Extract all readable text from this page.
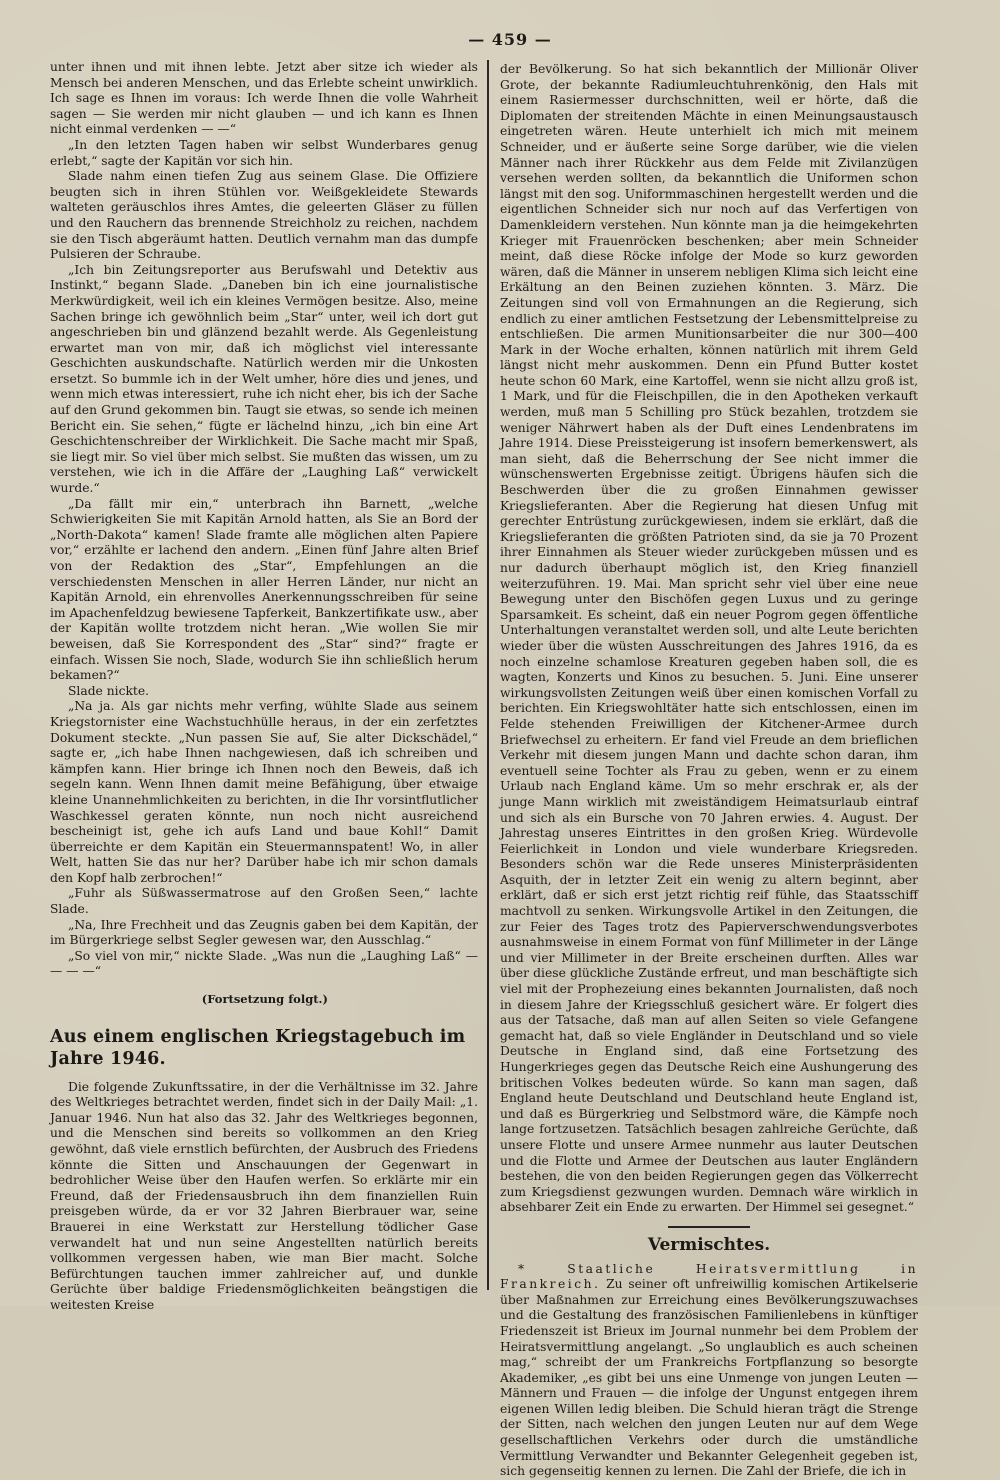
— 459 —

unter ihnen und mit ihnen lebte. Jetzt aber sitze ich wieder als Mensch bei anderen Menschen, und das Erlebte scheint unwirklich. Ich sage es Ihnen im voraus: Ich werde Ihnen die volle Wahrheit sagen — Sie werden mir nicht glauben — und ich kann es Ihnen nicht einmal verdenken — —“

„In den letzten Tagen haben wir selbst Wunderbares genug erlebt,“ sagte der Kapitän vor sich hin.

Slade nahm einen tiefen Zug aus seinem Glase. Die Offiziere beugten sich in ihren Stühlen vor. Weißgekleidete Stewards walteten geräuschlos ihres Amtes, die geleerten Gläser zu füllen und den Rauchern das brennende Streichholz zu reichen, nachdem sie den Tisch abgeräumt hatten. Deutlich vernahm man das dumpfe Pulsieren der Schraube.

„Ich bin Zeitungsreporter aus Berufswahl und Detektiv aus Instinkt,“ begann Slade. „Daneben bin ich eine journalistische Merkwürdigkeit, weil ich ein kleines Vermögen besitze. Also, meine Sachen bringe ich gewöhnlich beim „Star“ unter, weil ich dort gut angeschrieben bin und glänzend bezahlt werde. Als Gegenleistung erwartet man von mir, daß ich möglichst viel interessante Geschichten auskundschafte. Natürlich werden mir die Unkosten ersetzt. So bummle ich in der Welt umher, höre dies und jenes, und wenn mich etwas interessiert, ruhe ich nicht eher, bis ich der Sache auf den Grund gekommen bin. Taugt sie etwas, so sende ich meinen Bericht ein. Sie sehen,“ fügte er lächelnd hinzu, „ich bin eine Art Geschichtenschreiber der Wirklichkeit. Die Sache macht mir Spaß, sie liegt mir. So viel über mich selbst. Sie mußten das wissen, um zu verstehen, wie ich in die Affäre der „Laughing Laß“ verwickelt wurde.“

„Da fällt mir ein,“ unterbrach ihn Barnett, „welche Schwierigkeiten Sie mit Kapitän Arnold hatten, als Sie an Bord der „North-Dakota“ kamen! Slade framte alle möglichen alten Papiere vor,“ erzählte er lachend den andern. „Einen fünf Jahre alten Brief von der Redaktion des „Star“, Empfehlungen an die verschiedensten Menschen in aller Herren Länder, nur nicht an Kapitän Arnold, ein ehrenvolles Anerkennungsschreiben für seine im Apachenfeldzug bewiesene Tapferkeit, Bankzertifikate usw., aber der Kapitän wollte trotzdem nicht heran. „Wie wollen Sie mir beweisen, daß Sie Korrespondent des „Star“ sind?“ fragte er einfach. Wissen Sie noch, Slade, wodurch Sie ihn schließlich herum bekamen?“

Slade nickte.

„Na ja. Als gar nichts mehr verfing, wühlte Slade aus seinem Kriegstornister eine Wachstuchhülle heraus, in der ein zerfetztes Dokument steckte. „Nun passen Sie auf, Sie alter Dickschädel,“ sagte er, „ich habe Ihnen nachgewiesen, daß ich schreiben und kämpfen kann. Hier bringe ich Ihnen noch den Beweis, daß ich segeln kann. Wenn Ihnen damit meine Befähigung, über etwaige kleine Unannehmlichkeiten zu berichten, in die Ihr vorsintflutlicher Waschkessel geraten könnte, nun noch nicht ausreichend bescheinigt ist, gehe ich aufs Land und baue Kohl!“ Damit überreichte er dem Kapitän ein Steuermannspatent! Wo, in aller Welt, hatten Sie das nur her? Darüber habe ich mir schon damals den Kopf halb zerbrochen!“

„Fuhr als Süßwassermatrose auf den Großen Seen,“ lachte Slade.

„Na, Ihre Frechheit und das Zeugnis gaben bei dem Kapitän, der im Bürgerkriege selbst Segler gewesen war, den Ausschlag.“

„So viel von mir,“ nickte Slade. „Was nun die „Laughing Laß“ — — — —“

(Fortsetzung folgt.)
Aus einem englischen Kriegstagebuch im Jahre 1946.

Die folgende Zukunftssatire, in der die Verhältnisse im 32. Jahre des Weltkrieges betrachtet werden, findet sich in der Daily Mail: „1. Januar 1946. Nun hat also das 32. Jahr des Weltkrieges begonnen, und die Menschen sind bereits so vollkommen an den Krieg gewöhnt, daß viele ernstlich befürchten, der Ausbruch des Friedens könnte die Sitten und Anschauungen der Gegenwart in bedrohlicher Weise über den Haufen werfen. So erklärte mir ein Freund, daß der Friedensausbruch ihn dem finanziellen Ruin preisgeben würde, da er vor 32 Jahren Bierbrauer war, seine Brauerei in eine Werkstatt zur Herstellung tödlicher Gase verwandelt hat und nun seine Angestellten natürlich bereits vollkommen vergessen haben, wie man Bier macht. Solche Befürchtungen tauchen immer zahlreicher auf, und dunkle Gerüchte über baldige Friedensmöglichkeiten beängstigen die weitesten Kreise

der Bevölkerung. So hat sich bekanntlich der Millionär Oliver Grote, der bekannte Radiumleuchtuhrenkönig, den Hals mit einem Rasiermesser durchschnitten, weil er hörte, daß die Diplomaten der streitenden Mächte in einen Meinungsaustausch eingetreten wären. Heute unterhielt ich mich mit meinem Schneider, und er äußerte seine Sorge darüber, wie die vielen Männer nach ihrer Rückkehr aus dem Felde mit Zivilanzügen versehen werden sollten, da bekanntlich die Uniformen schon längst mit den sog. Uniformmaschinen hergestellt werden und die eigentlichen Schneider sich nur noch auf das Verfertigen von Damenkleidern verstehen. Nun könnte man ja die heimgekehrten Krieger mit Frauenröcken beschenken; aber mein Schneider meint, daß diese Röcke infolge der Mode so kurz geworden wären, daß die Männer in unserem nebligen Klima sich leicht eine Erkältung an den Beinen zuziehen könnten. 3. März. Die Zeitungen sind voll von Ermahnungen an die Regierung, sich endlich zu einer amtlichen Festsetzung der Lebensmittelpreise zu entschließen. Die armen Munitionsarbeiter die nur 300—400 Mark in der Woche erhalten, können natürlich mit ihrem Geld längst nicht mehr auskommen. Denn ein Pfund Butter kostet heute schon 60 Mark, eine Kartoffel, wenn sie nicht allzu groß ist, 1 Mark, und für die Fleischpillen, die in den Apotheken verkauft werden, muß man 5 Schilling pro Stück bezahlen, trotzdem sie weniger Nährwert haben als der Duft eines Lendenbratens im Jahre 1914. Diese Preissteigerung ist insofern bemerkenswert, als man sieht, daß die Beherrschung der See nicht immer die wünschenswerten Ergebnisse zeitigt. Übrigens häufen sich die Beschwerden über die zu großen Einnahmen gewisser Kriegslieferanten. Aber die Regierung hat diesen Unfug mit gerechter Entrüstung zurückgewiesen, indem sie erklärt, daß die Kriegslieferanten die größten Patrioten sind, da sie ja 70 Prozent ihrer Einnahmen als Steuer wieder zurückgeben müssen und es nur dadurch überhaupt möglich ist, den Krieg finanziell weiterzuführen. 19. Mai. Man spricht sehr viel über eine neue Bewegung unter den Bischöfen gegen Luxus und zu geringe Sparsamkeit. Es scheint, daß ein neuer Pogrom gegen öffentliche Unterhaltungen veranstaltet werden soll, und alte Leute berichten wieder über die wüsten Ausschreitungen des Jahres 1916, da es noch einzelne schamlose Kreaturen gegeben haben soll, die es wagten, Konzerts und Kinos zu besuchen. 5. Juni. Eine unserer wirkungsvollsten Zeitungen weiß über einen komischen Vorfall zu berichten. Ein Kriegswohltäter hatte sich entschlossen, einen im Felde stehenden Freiwilligen der Kitchener-Armee durch Briefwechsel zu erheitern. Er fand viel Freude an dem brieflichen Verkehr mit diesem jungen Mann und dachte schon daran, ihm eventuell seine Tochter als Frau zu geben, wenn er zu einem Urlaub nach England käme. Um so mehr erschrak er, als der junge Mann wirklich mit zweiständigem Heimatsurlaub eintraf und sich als ein Bursche von 70 Jahren erwies. 4. August. Der Jahrestag unseres Eintrittes in den großen Krieg. Würdevolle Feierlichkeit in London und viele wunderbare Kriegsreden. Besonders schön war die Rede unseres Ministerpräsidenten Asquith, der in letzter Zeit ein wenig zu altern beginnt, aber erklärt, daß er sich erst jetzt richtig reif fühle, das Staatsschiff machtvoll zu senken. Wirkungsvolle Artikel in den Zeitungen, die zur Feier des Tages trotz des Papierverschwendungsverbotes ausnahmsweise in einem Format von fünf Millimeter in der Länge und vier Millimeter in der Breite erscheinen durften. Alles war über diese glückliche Zustände erfreut, und man beschäftigte sich viel mit der Prophezeiung eines bekannten Journalisten, daß noch in diesem Jahre der Kriegsschluß gesichert wäre. Er folgert dies aus der Tatsache, daß man auf allen Seiten so viele Gefangene gemacht hat, daß so viele Engländer in Deutschland und so viele Deutsche in England sind, daß eine Fortsetzung des Hungerkrieges gegen das Deutsche Reich eine Aushungerung des britischen Volkes bedeuten würde. So kann man sagen, daß England heute Deutschland und Deutschland heute England ist, und daß es Bürgerkrieg und Selbstmord wäre, die Kämpfe noch lange fortzusetzen. Tatsächlich besagen zahlreiche Gerüchte, daß unsere Flotte und unsere Armee nunmehr aus lauter Deutschen und die Flotte und Armee der Deutschen aus lauter Engländern bestehen, die von den beiden Regierungen gegen das Völkerrecht zum Kriegsdienst gezwungen wurden. Demnach wäre wirklich in absehbarer Zeit ein Ende zu erwarten. Der Himmel sei gesegnet.“

Vermischtes.

* Staatliche Heiratsvermittlung in Frankreich. Zu seiner oft unfreiwillig komischen Artikelserie über Maßnahmen zur Erreichung eines Bevölkerungszuwachses und die Gestaltung des französischen Familienlebens in künftiger Friedenszeit ist Brieux im Journal nunmehr bei dem Problem der Heiratsvermittlung angelangt. „So unglaublich es auch scheinen mag,“ schreibt der um Frankreichs Fortpflanzung so besorgte Akademiker, „es gibt bei uns eine Unmenge von jungen Leuten — Männern und Frauen — die infolge der Ungunst entgegen ihrem eigenen Willen ledig bleiben. Die Schuld hieran trägt die Strenge der Sitten, nach welchen den jungen Leuten nur auf dem Wege gesellschaftlichen Verkehrs oder durch die umständliche Vermittlung Verwandter und Bekannter Gelegenheit gegeben ist, sich gegenseitig kennen zu lernen. Die Zahl der Briefe, die ich in
